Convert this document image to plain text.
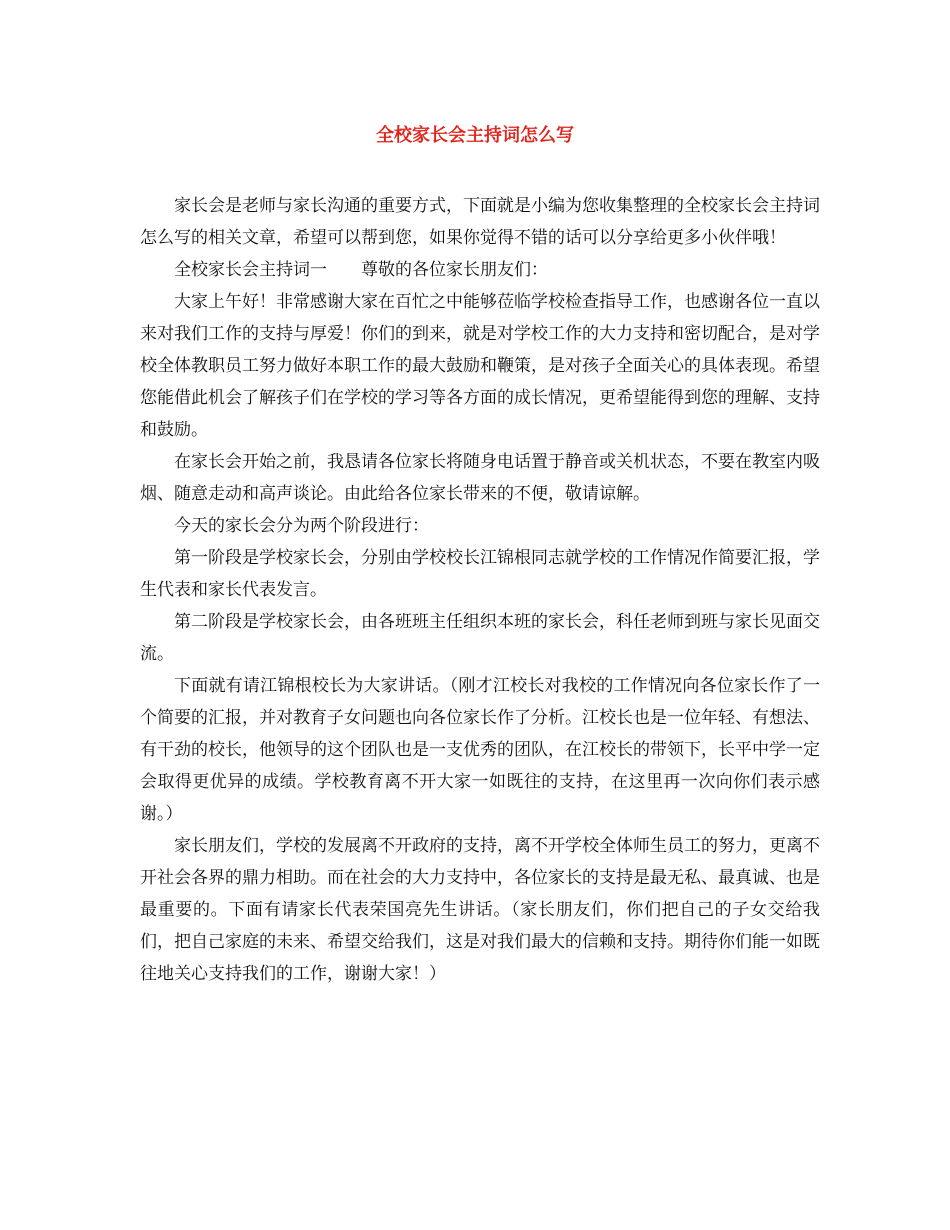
全校家长会主持词怎么写

家长会是老师与家长沟通的重要方式，下面就是小编为您收集整理的全校家长会主持词怎么写的相关文章，希望可以帮到您，如果你觉得不错的话可以分享给更多小伙伴哦！

全校家长会主持词一 尊敬的各位家长朋友们：

大家上午好！非常感谢大家在百忙之中能够莅临学校检查指导工作，也感谢各位一直以来对我们工作的支持与厚爱！你们的到来，就是对学校工作的大力支持和密切配合，是对学校全体教职员工努力做好本职工作的最大鼓励和鞭策，是对孩子全面关心的具体表现。希望您能借此机会了解孩子们在学校的学习等各方面的成长情况，更希望能得到您的理解、支持和鼓励。

在家长会开始之前，我恳请各位家长将随身电话置于静音或关机状态，不要在教室内吸烟、随意走动和高声谈论。由此给各位家长带来的不便，敬请谅解。

今天的家长会分为两个阶段进行：

第一阶段是学校家长会，分别由学校校长江锦根同志就学校的工作情况作简要汇报，学生代表和家长代表发言。

第二阶段是学校家长会，由各班班主任组织本班的家长会，科任老师到班与家长见面交流。

下面就有请江锦根校长为大家讲话。（刚才江校长对我校的工作情况向各位家长作了一个简要的汇报，并对教育子女问题也向各位家长作了分析。江校长也是一位年轻、有想法、有干劲的校长，他领导的这个团队也是一支优秀的团队，在江校长的带领下，长平中学一定会取得更优异的成绩。学校教育离不开大家一如既往的支持，在这里再一次向你们表示感谢。）

家长朋友们，学校的发展离不开政府的支持，离不开学校全体师生员工的努力，更离不开社会各界的鼎力相助。而在社会的大力支持中，各位家长的支持是最无私、最真诚、也是最重要的。下面有请家长代表荣国亮先生讲话。（家长朋友们，你们把自己的子女交给我们，把自己家庭的未来、希望交给我们，这是对我们最大的信赖和支持。期待你们能一如既往地关心支持我们的工作，谢谢大家！）
